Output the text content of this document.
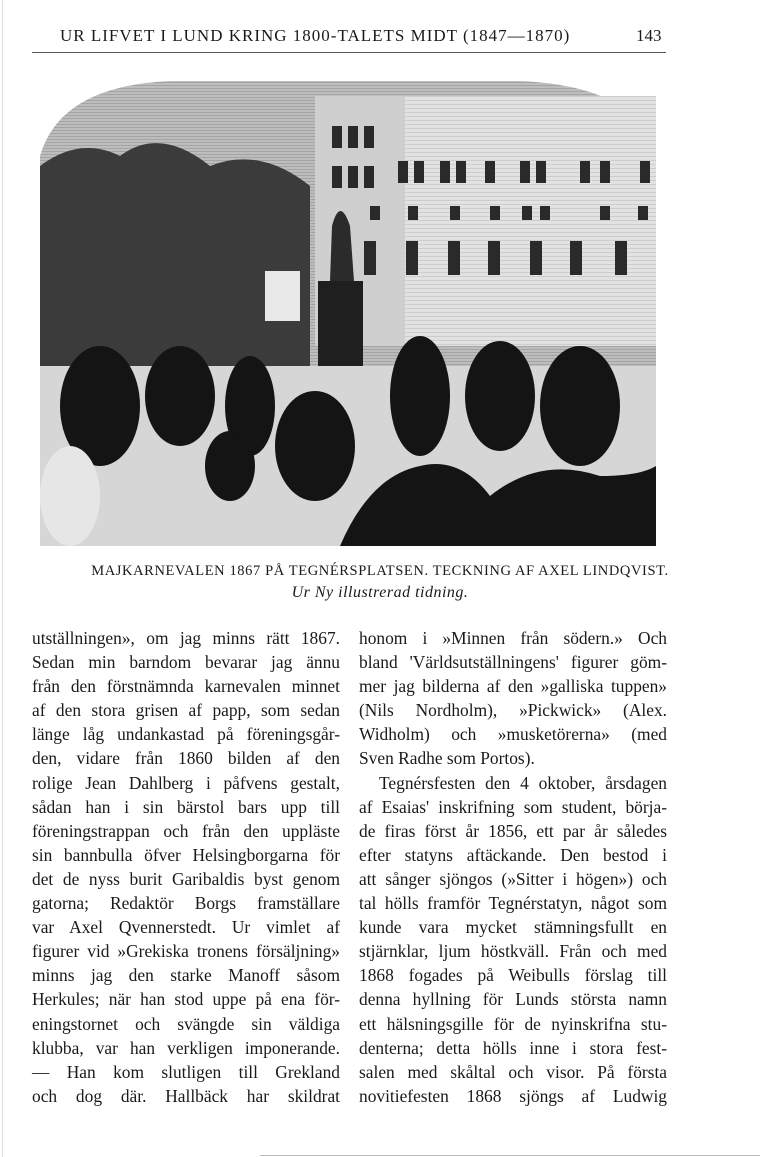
UR LIFVET I LUND KRING 1800-TALETS MIDT (1847—1870)	143
MAJKARNEVALEN 1867 PÅ TEGNÉRSPLATSEN. TECKNING AF AXEL LINDQVIST.
Ur Ny illustrerad tidning.
utställningen», om jag minns rätt 1867.
Sedan min barndom bevarar jag ännu
från den förstnämnda karnevalen minnet
af den stora grisen af papp, som sedan
länge låg undankastad på föreningsgår-
den, vidare från 1860 bilden af den
rolige Jean Dahlberg i påfvens gestalt,
sådan han i sin bärstol bars upp till
föreningstrappan och från den uppläste
sin bannbulla öfver Helsingborgarna för
det de nyss burit Garibaldis byst genom
gatorna; Redaktör Borgs framställare
var Axel Qvennerstedt. Ur vimlet af
figurer vid »Grekiska tronens försäljning»
minns jag den starke Manoff såsom
Herkules; när han stod uppe på ena för-
eningstornet och svängde sin väldiga
klubba, var han verkligen imponerande.
— Han kom slutligen till Grekland
och dog där. Hallbäck har skildrat
honom i »Minnen från södern.» Och
bland 'Världsutställningens' figurer göm-
mer jag bilderna af den »galliska tuppen»
(Nils Nordholm), »Pickwick» (Alex.
Widholm) och »musketörerna» (med
Sven Radhe som Portos).
Tegnérsfesten den 4 oktober, årsdagen
af Esaias' inskrifning som student, börja-
de firas först år 1856, ett par år således
efter statyns aftäckande. Den bestod i
att sånger sjöngos (»Sitter i högen») och
tal hölls framför Tegnérstatyn, något som
kunde vara mycket stämningsfullt en
stjärnklar, ljum höstkväll. Från och med
1868 fogades på Weibulls förslag till
denna hyllning för Lunds största namn
ett hälsningsgille för de nyinskrifna stu-
denterna; detta hölls inne i stora fest-
salen med skåltal och visor. På första
novitiefesten 1868 sjöngs af Ludwig
